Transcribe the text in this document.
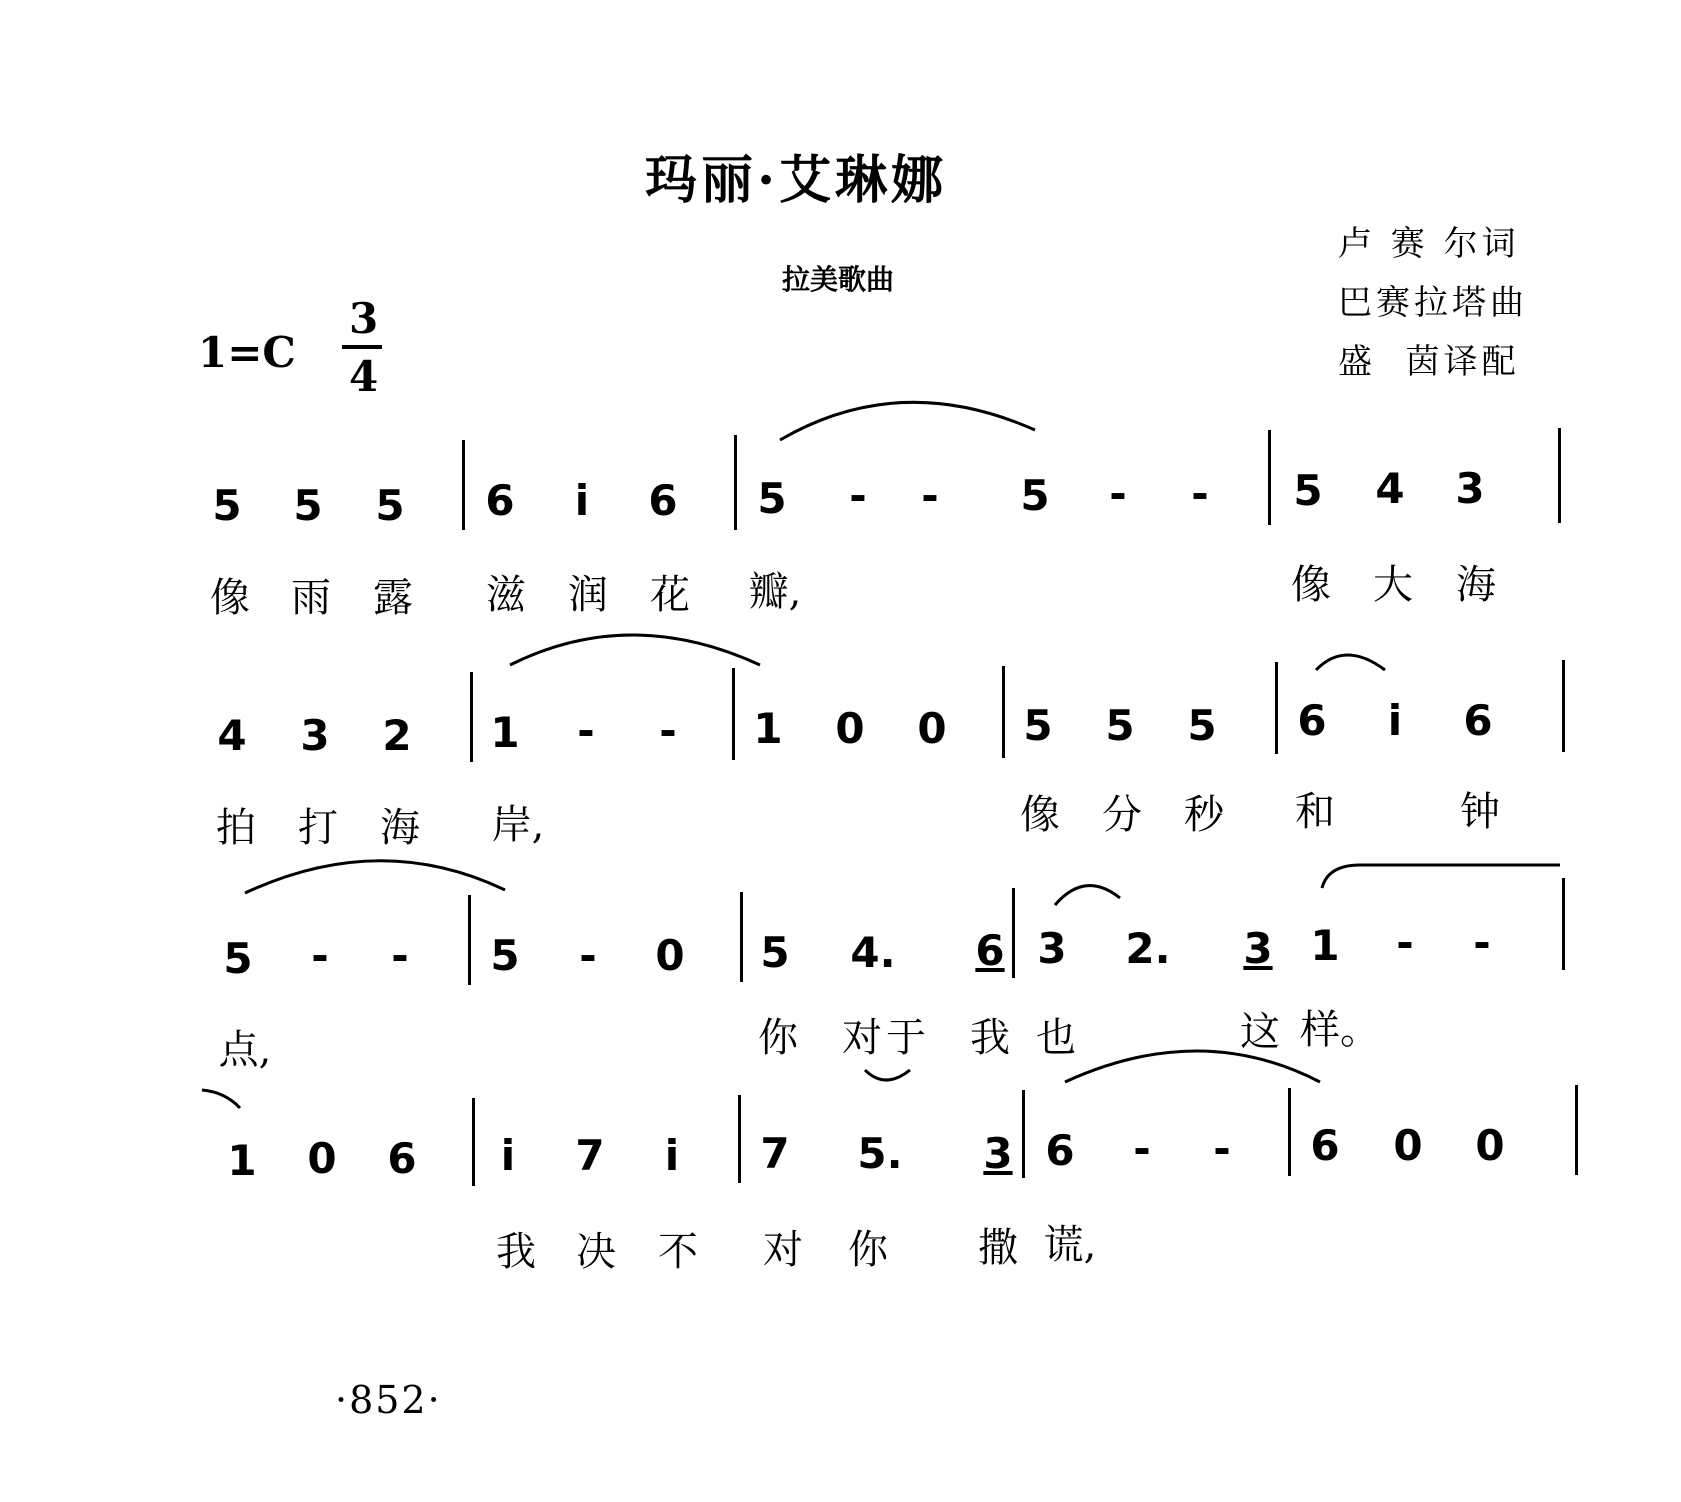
玛丽·艾琳娜
拉美歌曲
卢 赛 尔词
巴赛拉塔曲
盛  茵译配
1=C
3
4
5 5 5 6	i	6 5 - - 5 - - 5 4 3
像 雨 露 滋 润 花	瓣,	像 大 海
4 3 2 1 - - 1 0 0 5 5 5 6	i	6
拍 打 海	岸,	像 分 秒 和	钟
5 - - 5 - 0 5 4. 6 3 2. 3 1 - -
点,	你 对 于 我 也	这 样。
1 0 6	i	7	i	7 5. 3 6 - - 6 0 0
我 决 不 对 你 撒 谎,
·852·
